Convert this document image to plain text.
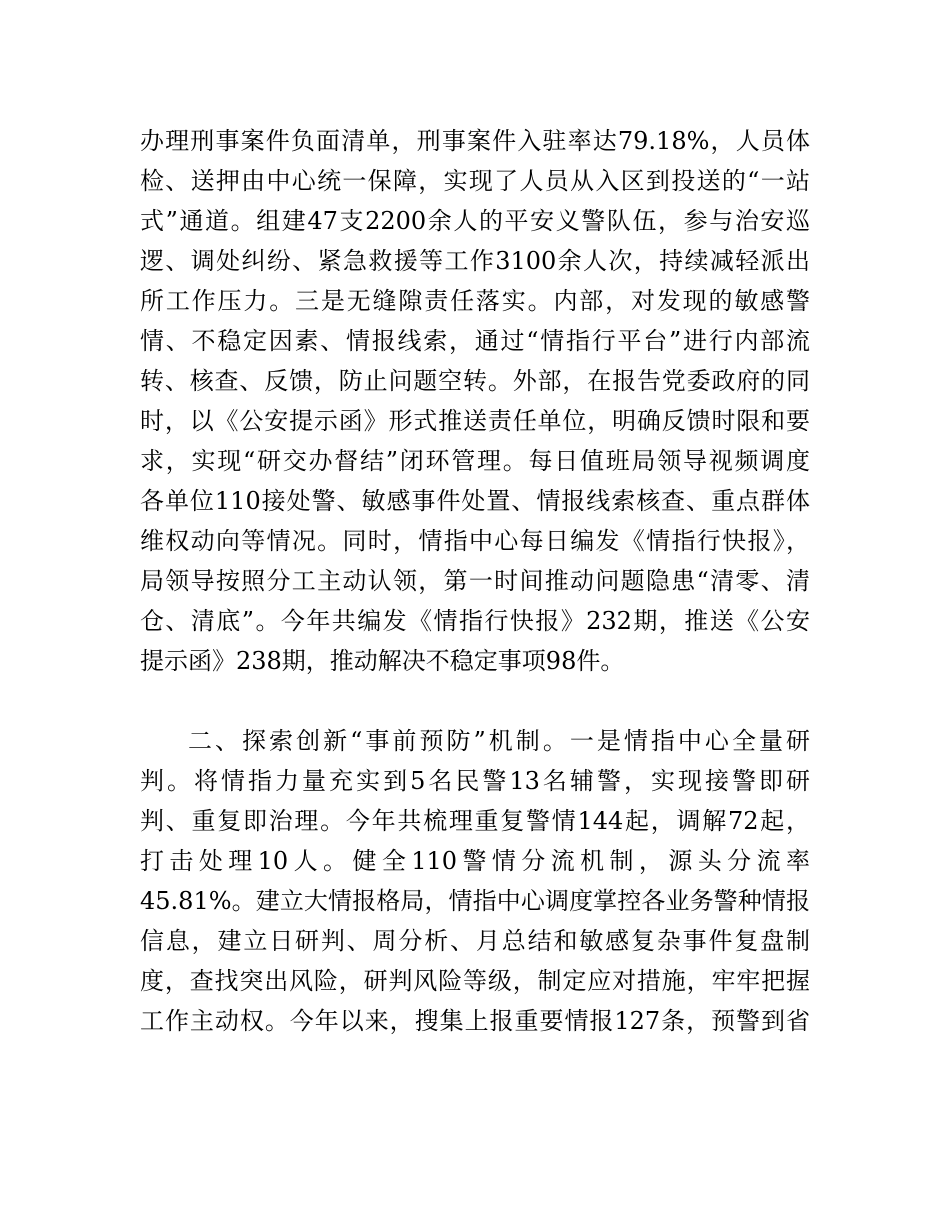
办理刑事案件负面清单，刑事案件入驻率达79.18%，人员体
检、送押由中心统一保障，实现了人员从入区到投送的“一站
式”通道。组建47支2200余人的平安义警队伍，参与治安巡
逻、调处纠纷、紧急救援等工作3100余人次，持续减轻派出
所工作压力。三是无缝隙责任落实。内部，对发现的敏感警
情、不稳定因素、情报线索，通过“情指行平台”进行内部流
转、核查、反馈，防止问题空转。外部，在报告党委政府的同
时，以《公安提示函》形式推送责任单位，明确反馈时限和要
求，实现“研交办督结”闭环管理。每日值班局领导视频调度
各单位110接处警、敏感事件处置、情报线索核查、重点群体
维权动向等情况。同时，情指中心每日编发《情指行快报》，
局领导按照分工主动认领，第一时间推动问题隐患“清零、清
仓、清底”。今年共编发《情指行快报》232期，推送《公安
提示函》238期，推动解决不稳定事项98件。
二、探索创新“事前预防”机制。一是情指中心全量研
判。将情指力量充实到5名民警13名辅警，实现接警即研
判、重复即治理。今年共梳理重复警情144起，调解72起，
打击处理10人。健全110警情分流机制，源头分流率
45.81%。建立大情报格局，情指中心调度掌控各业务警种情报
信息，建立日研判、周分析、月总结和敏感复杂事件复盘制
度，查找突出风险，研判风险等级，制定应对措施，牢牢把握
工作主动权。今年以来，搜集上报重要情报127条，预警到省
